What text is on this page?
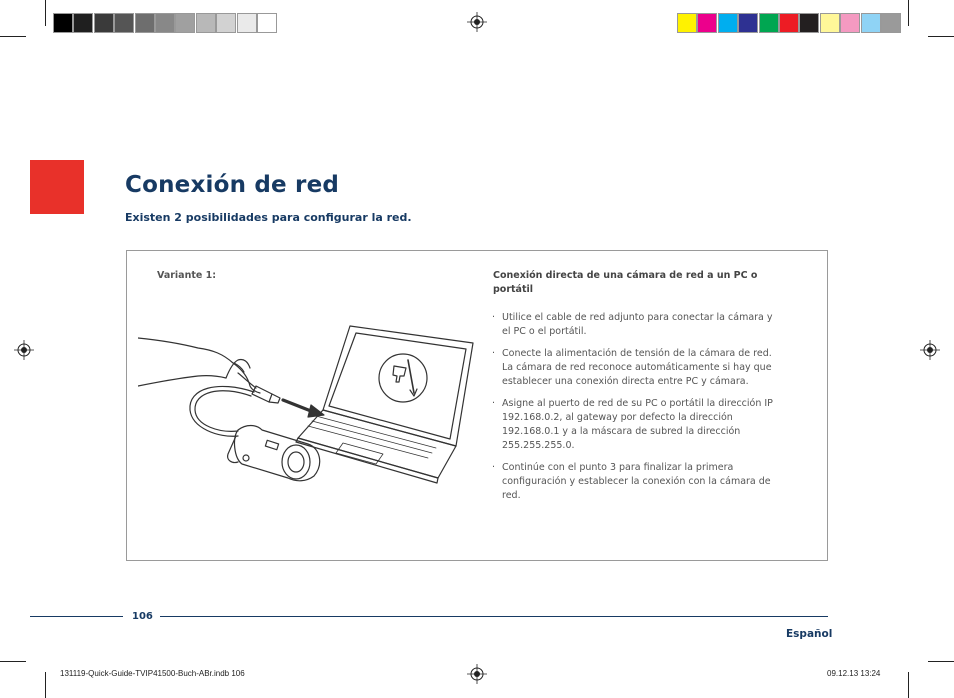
Conexión de red
Existen 2 posibilidades para configurar la red.
Variante 1:	Conexión directa de una cámara de red a un PC o portátil
· Utilice el cable de red adjunto para conectar la cámara y el PC o el portátil.
· Conecte la alimentación de tensión de la cámara de red. La cámara de red reconoce automáticamente si hay que establecer una conexión directa entre PC y cámara.
· Asigne al puerto de red de su PC o portátil la dirección IP 192.168.0.2, al gateway por defecto la dirección 192.168.0.1 y a la máscara de subred la dirección 255.255.255.0.
· Continúe con el punto 3 para finalizar la primera configuración y establecer la conexión con la cámara de red.
106
Español
131119-Quick-Guide-TVIP41500-Buch-ABr.indb 106	09.12.13 13:24
